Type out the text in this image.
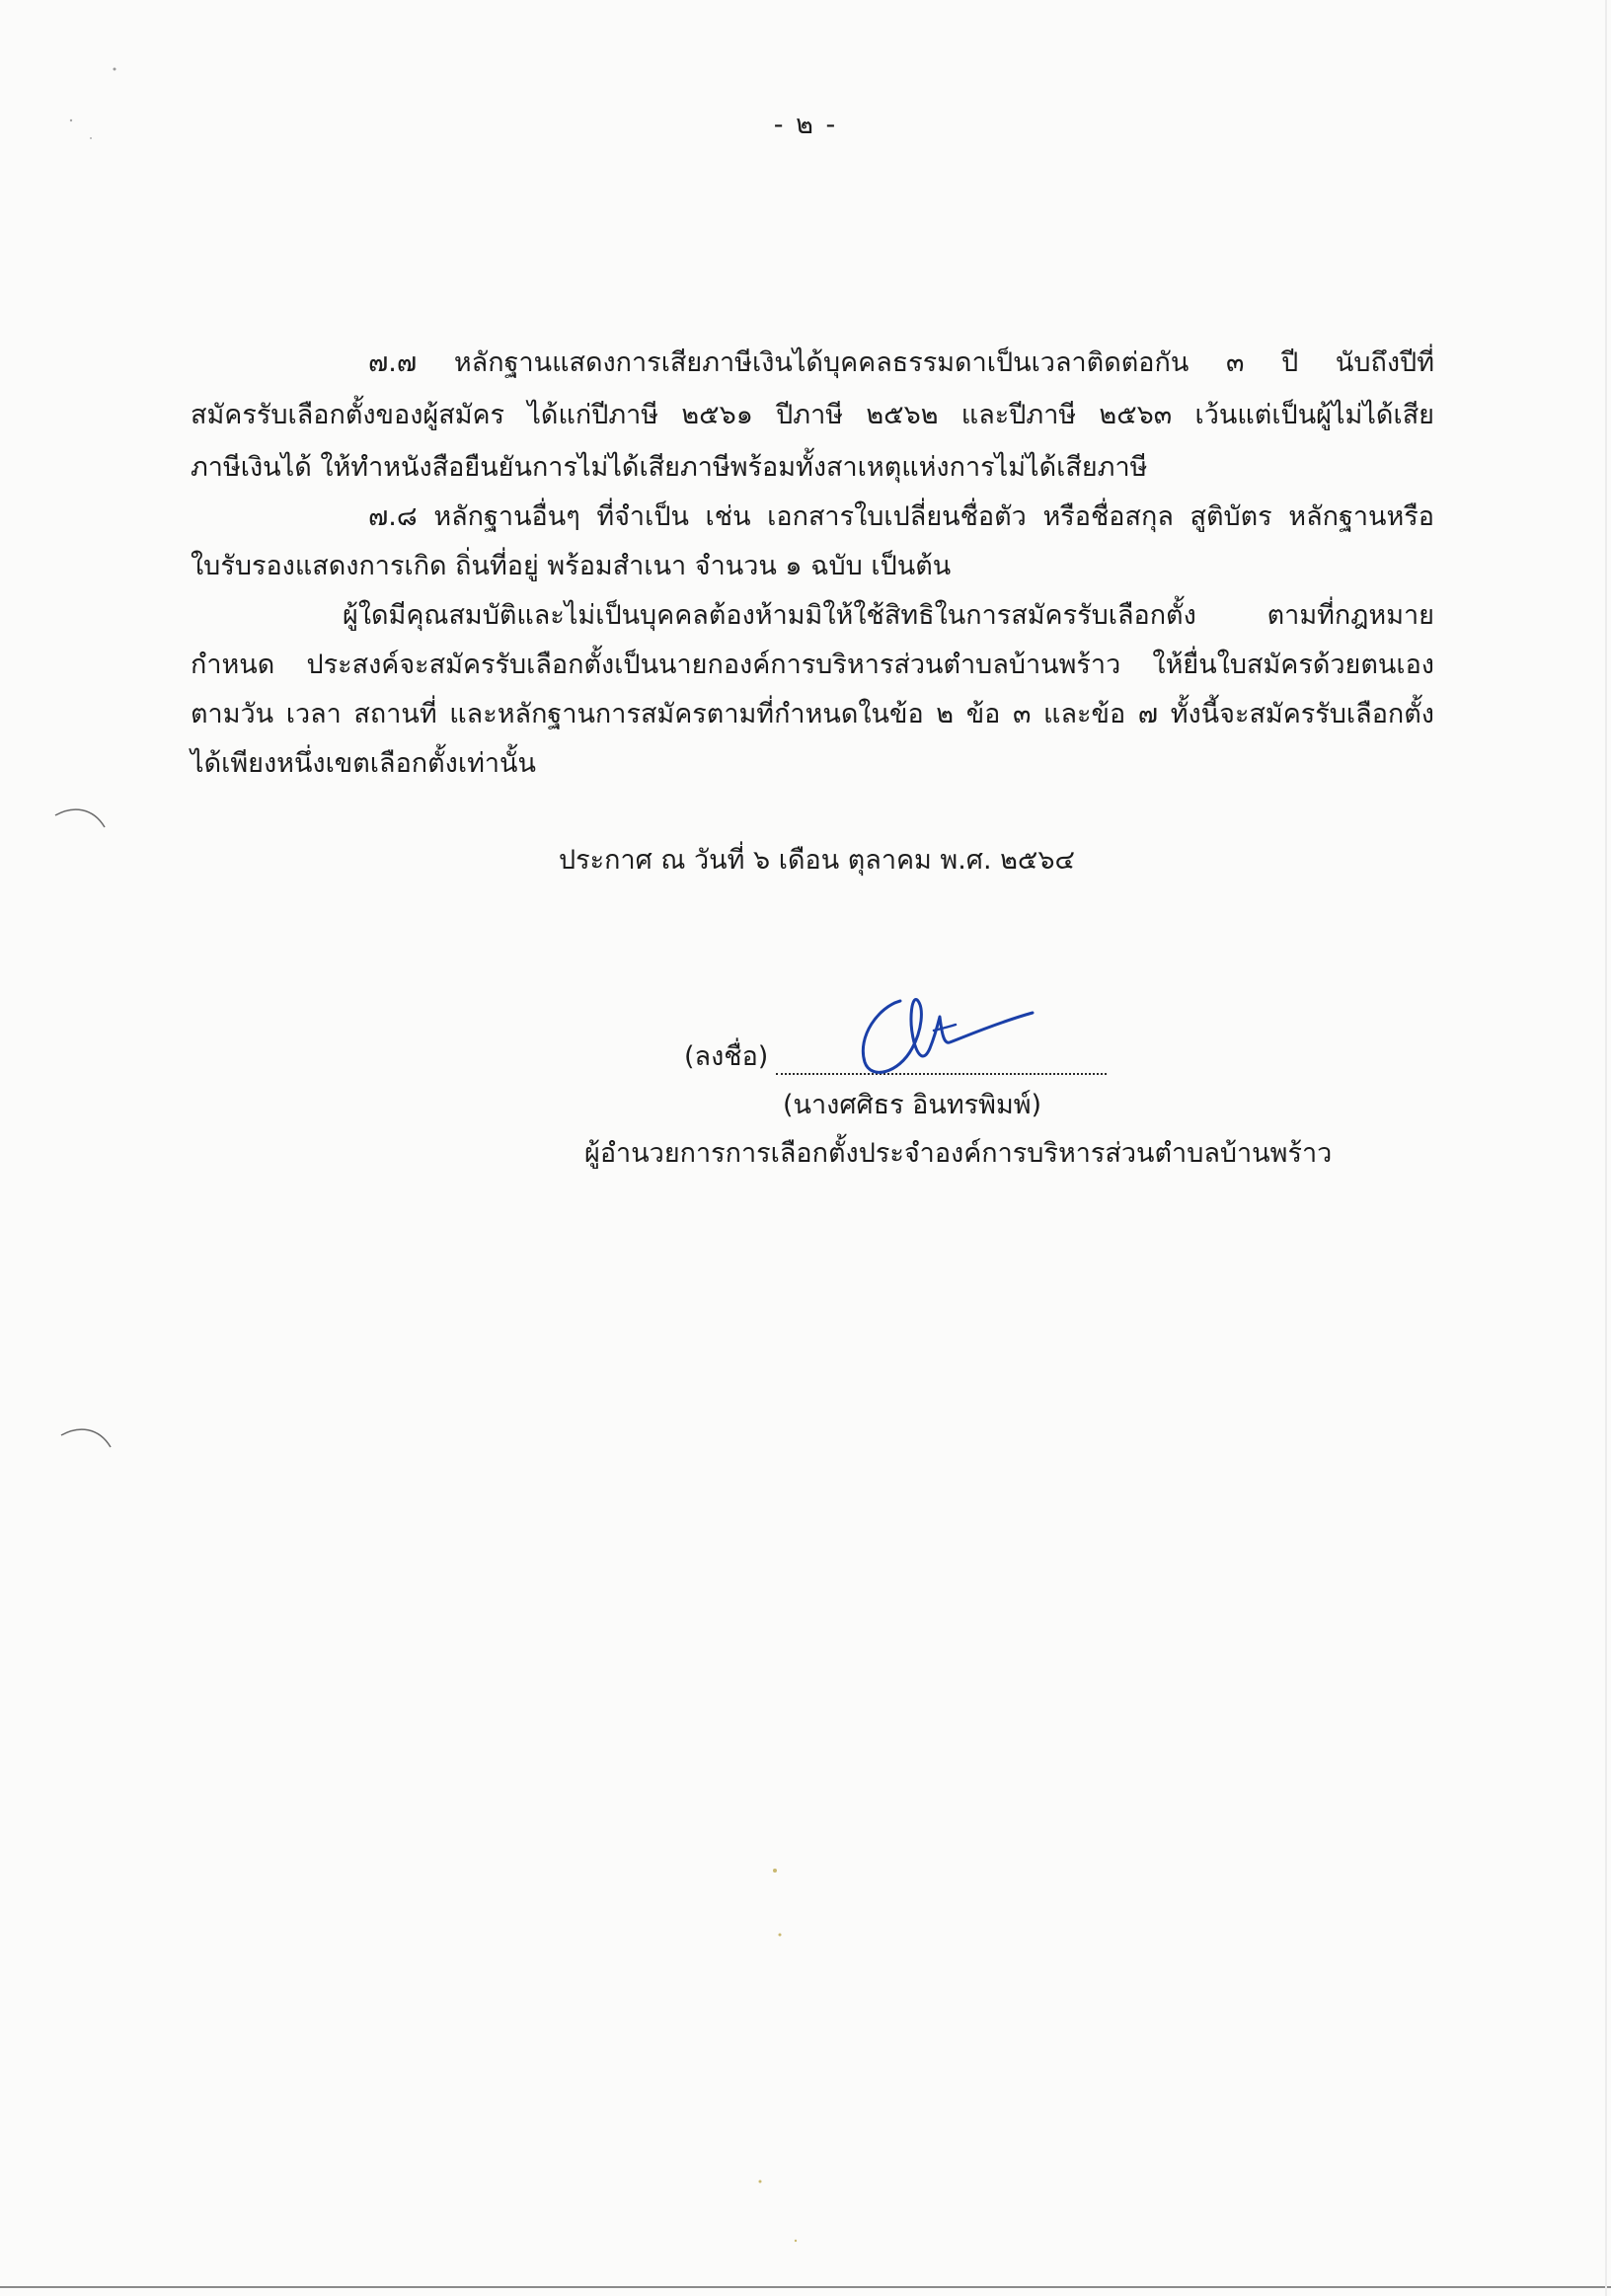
- ๒ -
๗.๗ หลักฐานแสดงการเสียภาษีเงินได้บุคคลธรรมดาเป็นเวลาติดต่อกัน ๓ ปี นับถึงปีที่
สมัครรับเลือกตั้งของผู้สมัคร ได้แก่ปีภาษี ๒๕๖๑ ปีภาษี ๒๕๖๒ และปีภาษี ๒๕๖๓ เว้นแต่เป็นผู้ไม่ได้เสีย
ภาษีเงินได้ ให้ทำหนังสือยืนยันการไม่ได้เสียภาษีพร้อมทั้งสาเหตุแห่งการไม่ได้เสียภาษี
๗.๘ หลักฐานอื่นๆ ที่จำเป็น เช่น เอกสารใบเปลี่ยนชื่อตัว หรือชื่อสกุล สูติบัตร หลักฐานหรือ
ใบรับรองแสดงการเกิด ถิ่นที่อยู่ พร้อมสำเนา จำนวน ๑ ฉบับ เป็นต้น
ผู้ใดมีคุณสมบัติและไม่เป็นบุคคลต้องห้ามมิให้ใช้สิทธิในการสมัครรับเลือกตั้ง ตามที่กฎหมาย
กำหนด ประสงค์จะสมัครรับเลือกตั้งเป็นนายกองค์การบริหารส่วนตำบลบ้านพร้าว ให้ยื่นใบสมัครด้วยตนเอง
ตามวัน เวลา สถานที่ และหลักฐานการสมัครตามที่กำหนดในข้อ ๒ ข้อ ๓ และข้อ ๗ ทั้งนี้จะสมัครรับเลือกตั้ง
ได้เพียงหนึ่งเขตเลือกตั้งเท่านั้น
ประกาศ ณ วันที่ ๖ เดือน ตุลาคม พ.ศ. ๒๕๖๔
(ลงชื่อ)
(นางศศิธร อินทรพิมพ์)
ผู้อำนวยการการเลือกตั้งประจำองค์การบริหารส่วนตำบลบ้านพร้าว
